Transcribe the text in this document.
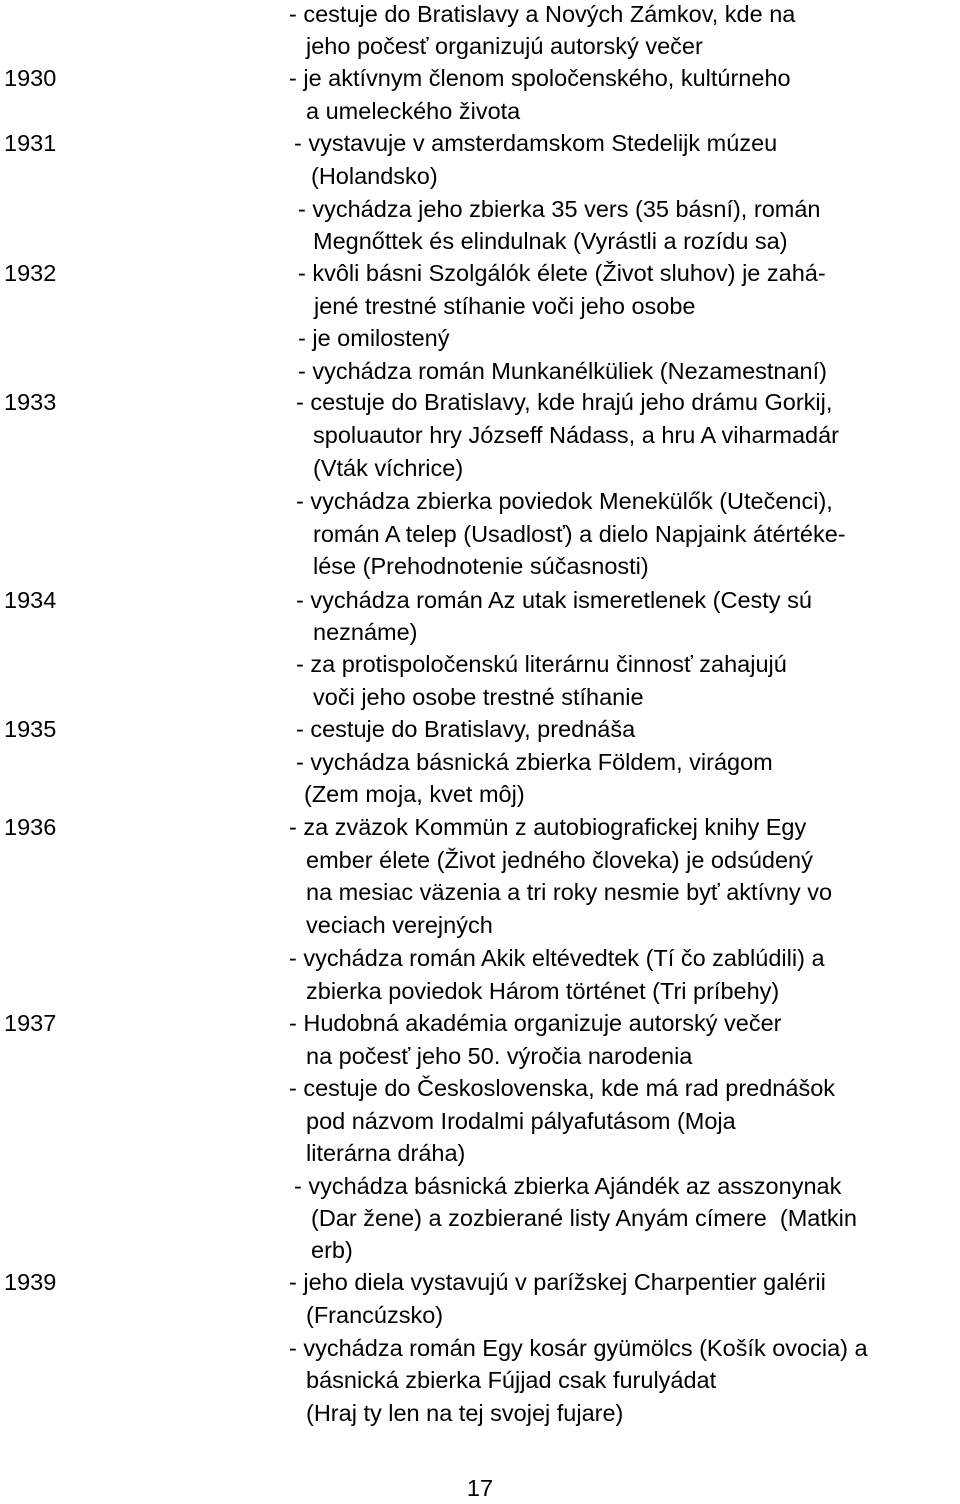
1930
1931
1932
1933
1934
1935
1936
1937
1939
- cestuje do Bratislavy a Nových Zámkov, kde na
jeho počesť organizujú autorský večer
- je aktívnym členom spoločenského, kultúrneho
a umeleckého života
- vystavuje v amsterdamskom Stedelijk múzeu
(Holandsko)
- vychádza jeho zbierka 35 vers (35 básní), román
Megnőttek és elindulnak (Vyrástli a rozídu sa)
- kvôli básni Szolgálók élete (Život sluhov) je zahá-
jené trestné stíhanie voči jeho osobe
- je omilostený
- vychádza román Munkanélküliek (Nezamestnaní)
- cestuje do Bratislavy, kde hrajú jeho drámu Gorkij,
spoluautor hry Józseff Nádass, a hru A viharmadár
(Vták víchrice)
- vychádza zbierka poviedok Menekülők (Utečenci),
román A telep (Usadlosť) a dielo Napjaink átértéke-
lése (Prehodnotenie súčasnosti)
- vychádza román Az utak ismeretlenek (Cesty sú
neznáme)
- za protispoločenskú literárnu činnosť zahajujú
voči jeho osobe trestné stíhanie
- cestuje do Bratislavy, prednáša
- vychádza básnická zbierka Földem, virágom
(Zem moja, kvet môj)
- za zväzok Kommün z autobiografickej knihy Egy
ember élete (Život jedného človeka) je odsúdený
na mesiac väzenia a tri roky nesmie byť aktívny vo
veciach verejných
- vychádza román Akik eltévedtek (Tí čo zablúdili) a
zbierka poviedok Három történet (Tri príbehy)
- Hudobná akadémia organizuje autorský večer
na počesť jeho 50. výročia narodenia
- cestuje do Československa, kde má rad prednášok
pod názvom Irodalmi pályafutásom (Moja
literárna dráha)
- vychádza básnická zbierka Ajándék az asszonynak
(Dar žene) a zozbierané listy Anyám címere  (Matkin
erb)
- jeho diela vystavujú v parížskej Charpentier galérii
(Francúzsko)
- vychádza román Egy kosár gyümölcs (Košík ovocia) a
básnická zbierka Fújjad csak furulyádat
(Hraj ty len na tej svojej fujare)
17
